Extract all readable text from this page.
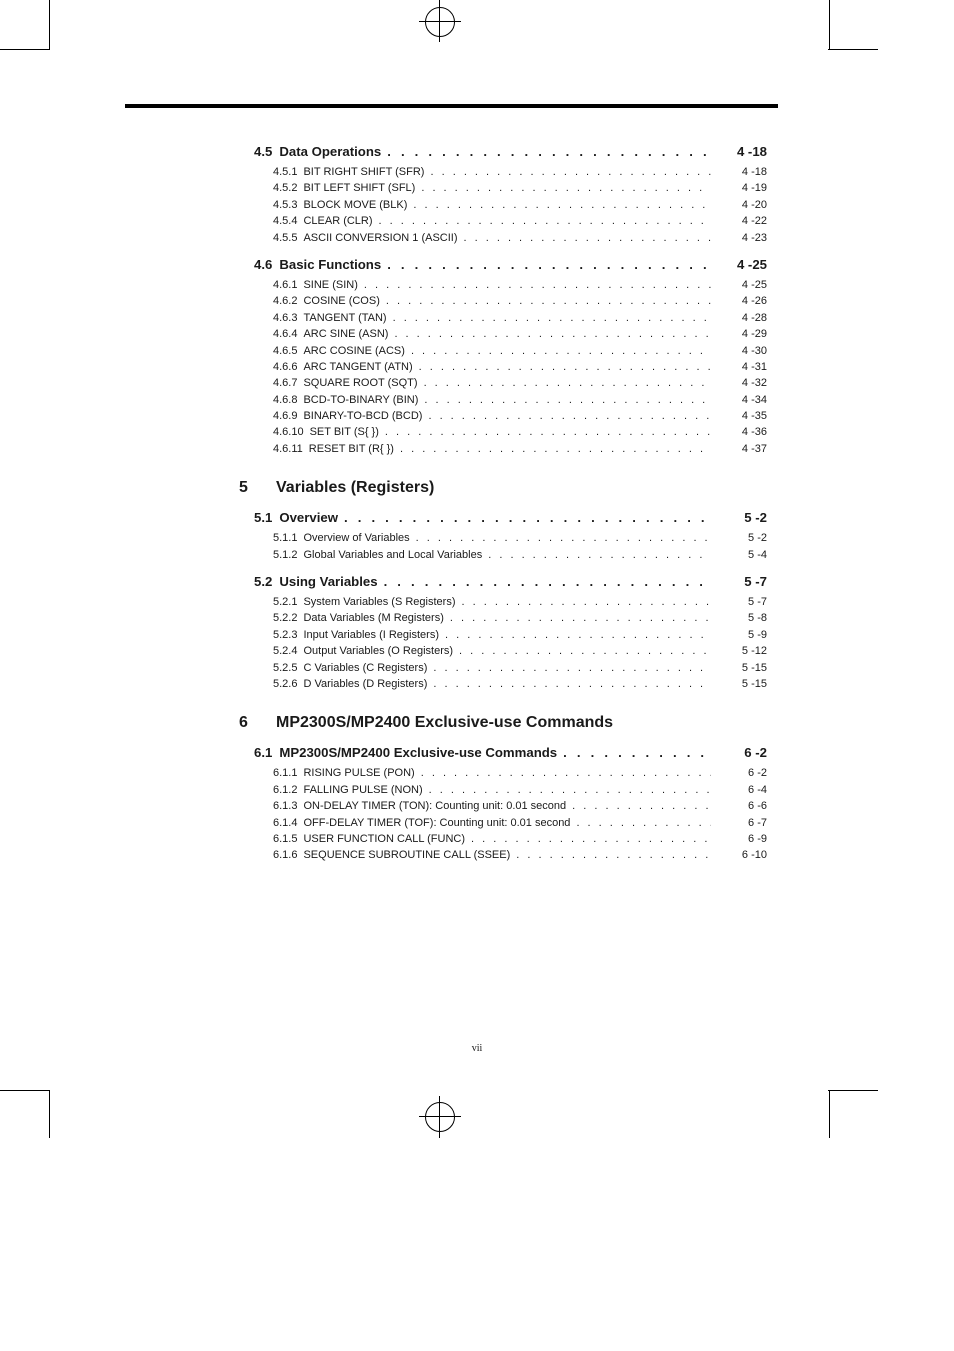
4.5 Data Operations . . .	4 -18
4.5.1 BIT RIGHT SHIFT (SFR) . . .	4 -18
4.5.2 BIT LEFT SHIFT (SFL) . . .	4 -19
4.5.3 BLOCK MOVE (BLK) . . .	4 -20
4.5.4 CLEAR (CLR) . . .	4 -22
4.5.5 ASCII CONVERSION 1 (ASCII) . . .	4 -23
4.6 Basic Functions . . .	4 -25
4.6.1 SINE (SIN) . . .	4 -25
4.6.2 COSINE (COS) . . .	4 -26
4.6.3 TANGENT (TAN) . . .	4 -28
4.6.4 ARC SINE (ASN) . . .	4 -29
4.6.5 ARC COSINE (ACS) . . .	4 -30
4.6.6 ARC TANGENT (ATN) . . .	4 -31
4.6.7 SQUARE ROOT (SQT) . . .	4 -32
4.6.8 BCD-TO-BINARY (BIN) . . .	4 -34
4.6.9 BINARY-TO-BCD (BCD) . . .	4 -35
4.6.10 SET BIT (S{ }) . . .	4 -36
4.6.11 RESET BIT (R{ }) . . .	4 -37
5	Variables (Registers)
5.1 Overview . . .	5 -2
5.1.1 Overview of Variables . . .	5 -2
5.1.2 Global Variables and Local Variables . . .	5 -4
5.2 Using Variables . . .	5 -7
5.2.1 System Variables (S Registers) . . .	5 -7
5.2.2 Data Variables (M Registers) . . .	5 -8
5.2.3 Input Variables (I Registers) . . .	5 -9
5.2.4 Output Variables (O Registers) . . .	5 -12
5.2.5 C Variables (C Registers) . . .	5 -15
5.2.6 D Variables (D Registers) . . .	5 -15
6	MP2300S/MP2400 Exclusive-use Commands
6.1 MP2300S/MP2400 Exclusive-use Commands . . .	6 -2
6.1.1 RISING PULSE (PON) . . .	6 -2
6.1.2 FALLING PULSE (NON) . . .	6 -4
6.1.3 ON-DELAY TIMER (TON): Counting unit: 0.01 second . . .	6 -6
6.1.4 OFF-DELAY TIMER (TOF): Counting unit: 0.01 second . . .	6 -7
6.1.5 USER FUNCTION CALL (FUNC) . . .	6 -9
6.1.6 SEQUENCE SUBROUTINE CALL (SSEE) . . .	6 -10
vii
